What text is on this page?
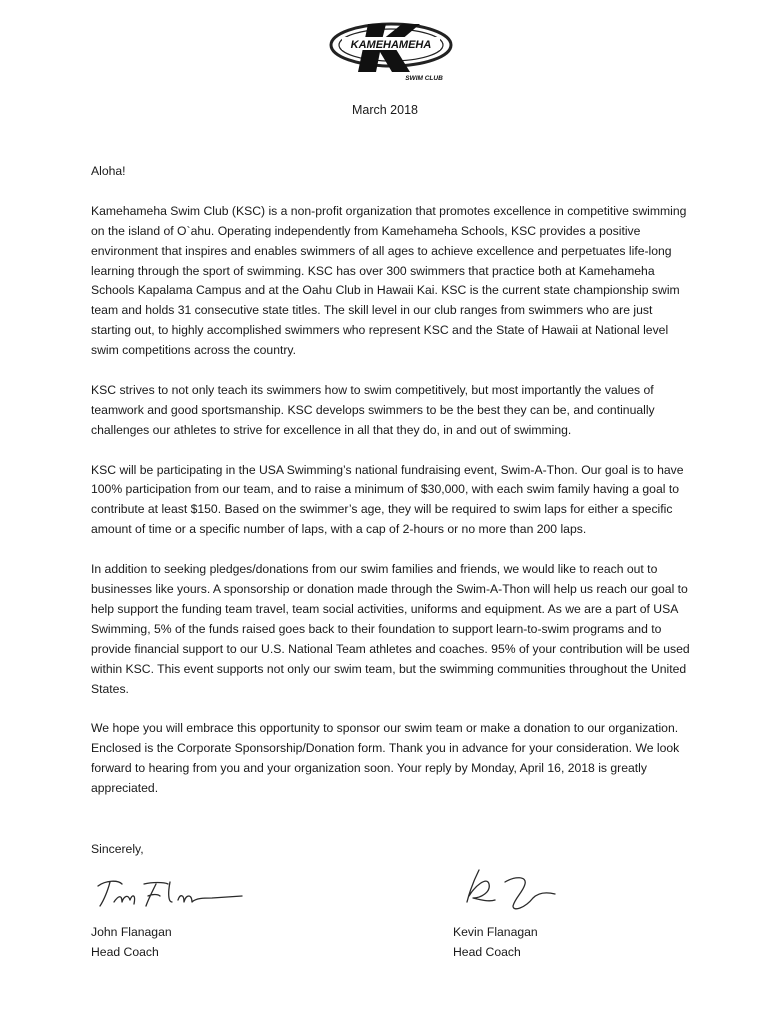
KAMEHAMEHA
SWIM CLUB
March 2018

Aloha!

Kamehameha Swim Club (KSC) is a non-profit organization that promotes excellence in competitive swimming on the island of O`ahu. Operating independently from Kamehameha Schools, KSC provides a positive environment that inspires and enables swimmers of all ages to achieve excellence and perpetuates life-long learning through the sport of swimming. KSC has over 300 swimmers that practice both at Kamehameha Schools Kapalama Campus and at the Oahu Club in Hawaii Kai. KSC is the current state championship swim team and holds 31 consecutive state titles. The skill level in our club ranges from swimmers who are just starting out, to highly accomplished swimmers who represent KSC and the State of Hawaii at National level swim competitions across the country.

KSC strives to not only teach its swimmers how to swim competitively, but most importantly the values of teamwork and good sportsmanship. KSC develops swimmers to be the best they can be, and continually challenges our athletes to strive for excellence in all that they do, in and out of swimming.

KSC will be participating in the USA Swimming’s national fundraising event, Swim-A-Thon. Our goal is to have 100% participation from our team, and to raise a minimum of $30,000, with each swim family having a goal to contribute at least $150. Based on the swimmer’s age, they will be required to swim laps for either a specific amount of time or a specific number of laps, with a cap of 2-hours or no more than 200 laps.

In addition to seeking pledges/donations from our swim families and friends, we would like to reach out to businesses like yours. A sponsorship or donation made through the Swim-A-Thon will help us reach our goal to help support the funding team travel, team social activities, uniforms and equipment. As we are a part of USA Swimming, 5% of the funds raised goes back to their foundation to support learn-to-swim programs and to provide financial support to our U.S. National Team athletes and coaches. 95% of your contribution will be used within KSC. This event supports not only our swim team, but the swimming communities throughout the United States.

We hope you will embrace this opportunity to sponsor our swim team or make a donation to our organization. Enclosed is the Corporate Sponsorship/Donation form. Thank you in advance for your consideration. We look forward to hearing from you and your organization soon. Your reply by Monday, April 16, 2018 is greatly appreciated.

Sincerely,
John Flanagan
Head Coach
Kevin Flanagan
Head Coach
